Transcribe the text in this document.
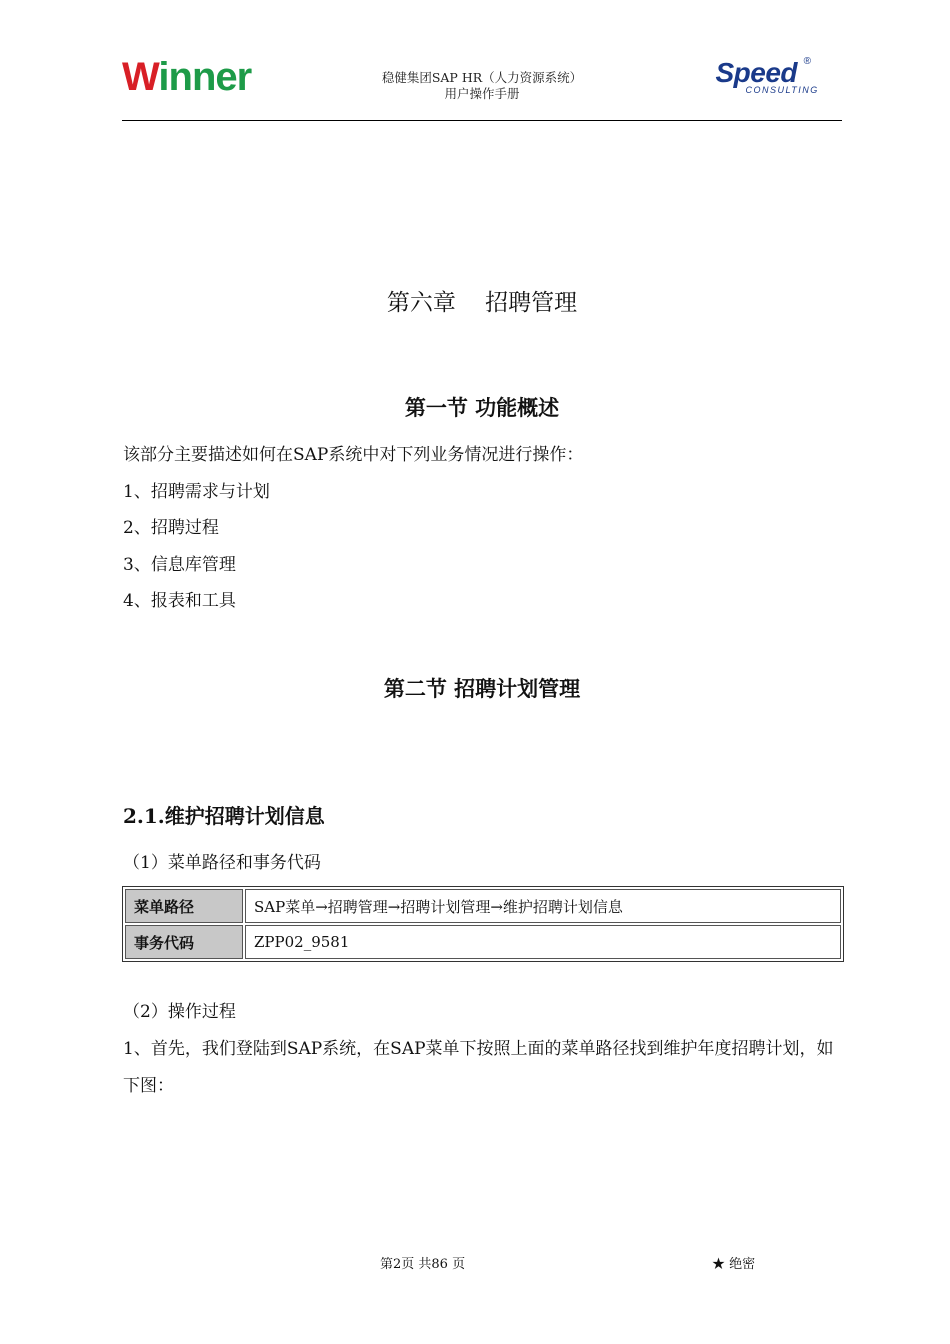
Winner	稳健集团SAP HR（人力资源系统）
用户操作手册
Speed
CONSULTING
®
第六章 招聘管理
第一节 功能概述
该部分主要描述如何在SAP系统中对下列业务情况进行操作：
1、招聘需求与计划
2、招聘过程
3、信息库管理
4、报表和工具
第二节 招聘计划管理
2.1.维护招聘计划信息
（1）菜单路径和事务代码
菜单路径	SAP菜单→招聘管理→招聘计划管理→维护招聘计划信息
事务代码	ZPP02_9581
（2）操作过程
1、首先，我们登陆到SAP系统，在SAP菜单下按照上面的菜单路径找到维护年度招聘计划，如下图：
第2页 共86 页	★ 绝密
